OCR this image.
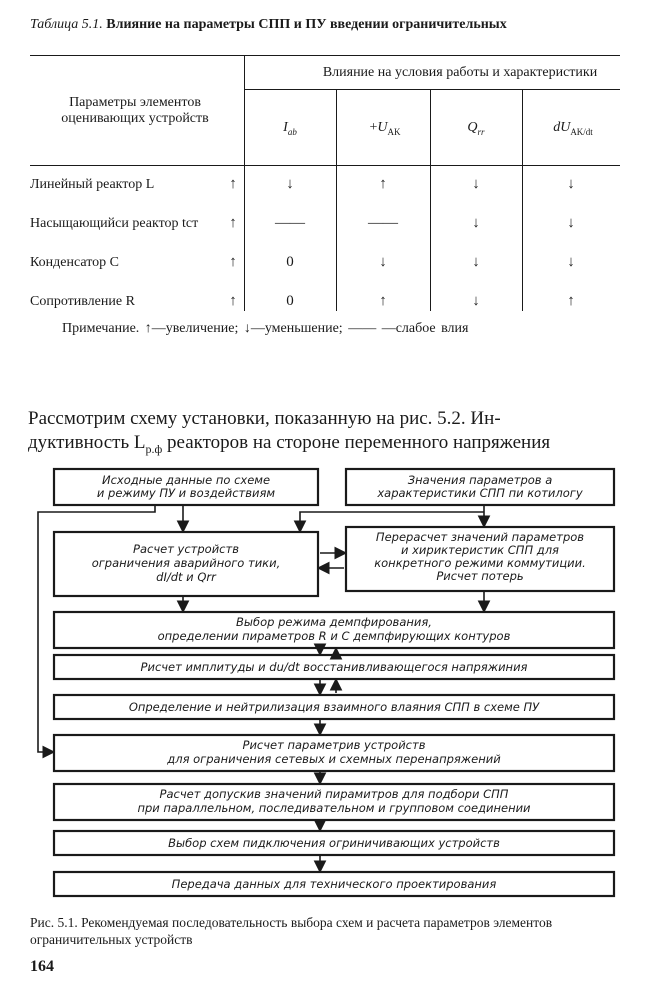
Таблица 5.1. Влияние на параметры СПП и ПУ введении ограничительных
Параметры элементов оценивающих устройств
Влияние на условия работы и характеристики
$I_{ab}$	$+U_{AK}$	$Q_{rr}$	$dU_{AK/dt}$
Линейный реактор L	↑	↓	↑	↓	↓
Насыщающийси реактор tст	↑	——	——	↓	↓
Конденсатор C	↑	0	↓	↓	↓
Сопротивление R	↑	0	↑	↓	↑
Примечание. ↑—увеличение; ↓—уменьшение; —— —слабое влия
Рассмотрим схему установки, показанную на рис. 5.2. Ин-
дуктивность $L_{р.ф}$ реакторов на стороне переменного напряжения
Исходные данные по схеме
и режиму ПУ и воздействиям
Значения параметров а
характеристики СПП пи котилогу
Расчет устройств
ограничения аварийного тики,
dI/dt и Qrr
Перерасчет значений параметров
и хириктеристик СПП для
конкретного режими коммутиции.
Рисчет потерь
Выбор режима демпфирования,
определении пираметров R и C демпфирующих контуров
Рисчет имплитуды и du/dt восстанивливающегося напряжиния
Определение и нейтрилизация взаимного влаяния СПП в схеме ПУ
Рисчет параметрив устройств
для ограничения сетевых и схемных перенапряжений
Расчет допускив значений пирамитров для подбори СПП
при параллельном, последивательном и групповом соединении
Выбор схем пидключения огриничивающих устройств
Передача данных для технического проектирования
Рис. 5.1. Рекомендуемая последовательность выбора схем и расчета параметров элементов ограничительных устройств
164
